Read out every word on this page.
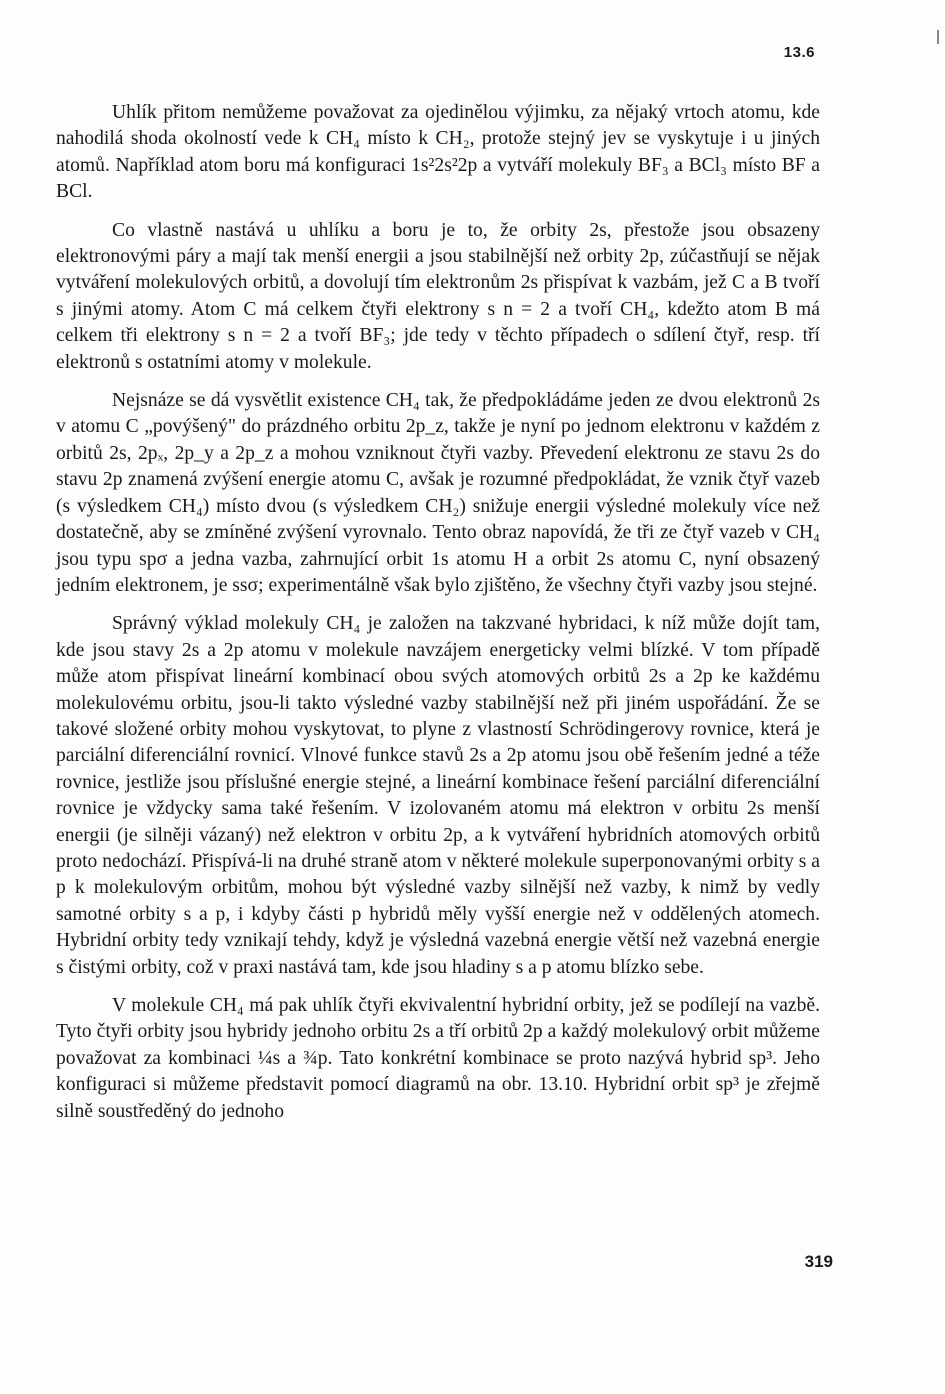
13.6

Uhlík přitom nemůžeme považovat za ojedinělou výjimku, za nějaký vrtoch atomu, kde nahodilá shoda okolností vede k CH₄ místo k CH₂, protože stejný jev se vyskytuje i u jiných atomů. Například atom boru má konfiguraci 1s²2s²2p a vytváří molekuly BF₃ a BCl₃ místo BF a BCl.

Co vlastně nastává u uhlíku a boru je to, že orbity 2s, přestože jsou obsazeny elektronovými páry a mají tak menší energii a jsou stabilnější než orbity 2p, zúčastňují se nějak vytváření molekulových orbitů, a dovolují tím elektronům 2s přispívat k vazbám, jež C a B tvoří s jinými atomy. Atom C má celkem čtyři elektrony s n = 2 a tvoří CH₄, kdežto atom B má celkem tři elektrony s n = 2 a tvoří BF₃; jde tedy v těchto případech o sdílení čtyř, resp. tří elektronů s ostatními atomy v molekule.

Nejsnáze se dá vysvětlit existence CH₄ tak, že předpokládáme jeden ze dvou elektronů 2s v atomu C „povýšený" do prázdného orbitu 2p_z, takže je nyní po jednom elektronu v každém z orbitů 2s, 2pₓ, 2p_y a 2p_z a mohou vzniknout čtyři vazby. Převedení elektronu ze stavu 2s do stavu 2p znamená zvýšení energie atomu C, avšak je rozumné předpokládat, že vznik čtyř vazeb (s výsledkem CH₄) místo dvou (s výsledkem CH₂) snižuje energii výsledné molekuly více než dostatečně, aby se zmíněné zvýšení vyrovnalo. Tento obraz napovídá, že tři ze čtyř vazeb v CH₄ jsou typu spσ a jedna vazba, zahrnující orbit 1s atomu H a orbit 2s atomu C, nyní obsazený jedním elektronem, je ssσ; experimentálně však bylo zjištěno, že všechny čtyři vazby jsou stejné.

Správný výklad molekuly CH₄ je založen na takzvané hybridaci, k níž může dojít tam, kde jsou stavy 2s a 2p atomu v molekule navzájem energeticky velmi blízké. V tom případě může atom přispívat lineární kombinací obou svých atomových orbitů 2s a 2p ke každému molekulovému orbitu, jsou-li takto výsledné vazby stabilnější než při jiném uspořádání. Že se takové složené orbity mohou vyskytovat, to plyne z vlastností Schrödingerovy rovnice, která je parciální diferenciální rovnicí. Vlnové funkce stavů 2s a 2p atomu jsou obě řešením jedné a téže rovnice, jestliže jsou příslušné energie stejné, a lineární kombinace řešení parciální diferenciální rovnice je vždycky sama také řešením. V izolovaném atomu má elektron v orbitu 2s menší energii (je silněji vázaný) než elektron v orbitu 2p, a k vytváření hybridních atomových orbitů proto nedochází. Přispívá-li na druhé straně atom v některé molekule superponovanými orbity s a p k molekulovým orbitům, mohou být výsledné vazby silnější než vazby, k nimž by vedly samotné orbity s a p, i kdyby části p hybridů měly vyšší energie než v oddělených atomech. Hybridní orbity tedy vznikají tehdy, když je výsledná vazebná energie větší než vazebná energie s čistými orbity, což v praxi nastává tam, kde jsou hladiny s a p atomu blízko sebe.

V molekule CH₄ má pak uhlík čtyři ekvivalentní hybridní orbity, jež se podílejí na vazbě. Tyto čtyři orbity jsou hybridy jednoho orbitu 2s a tří orbitů 2p a každý molekulový orbit můžeme považovat za kombinaci ¼s a ¾p. Tato konkrétní kombinace se proto nazývá hybrid sp³. Jeho konfiguraci si můžeme představit pomocí diagramů na obr. 13.10. Hybridní orbit sp³ je zřejmě silně soustředěný do jednoho

319
